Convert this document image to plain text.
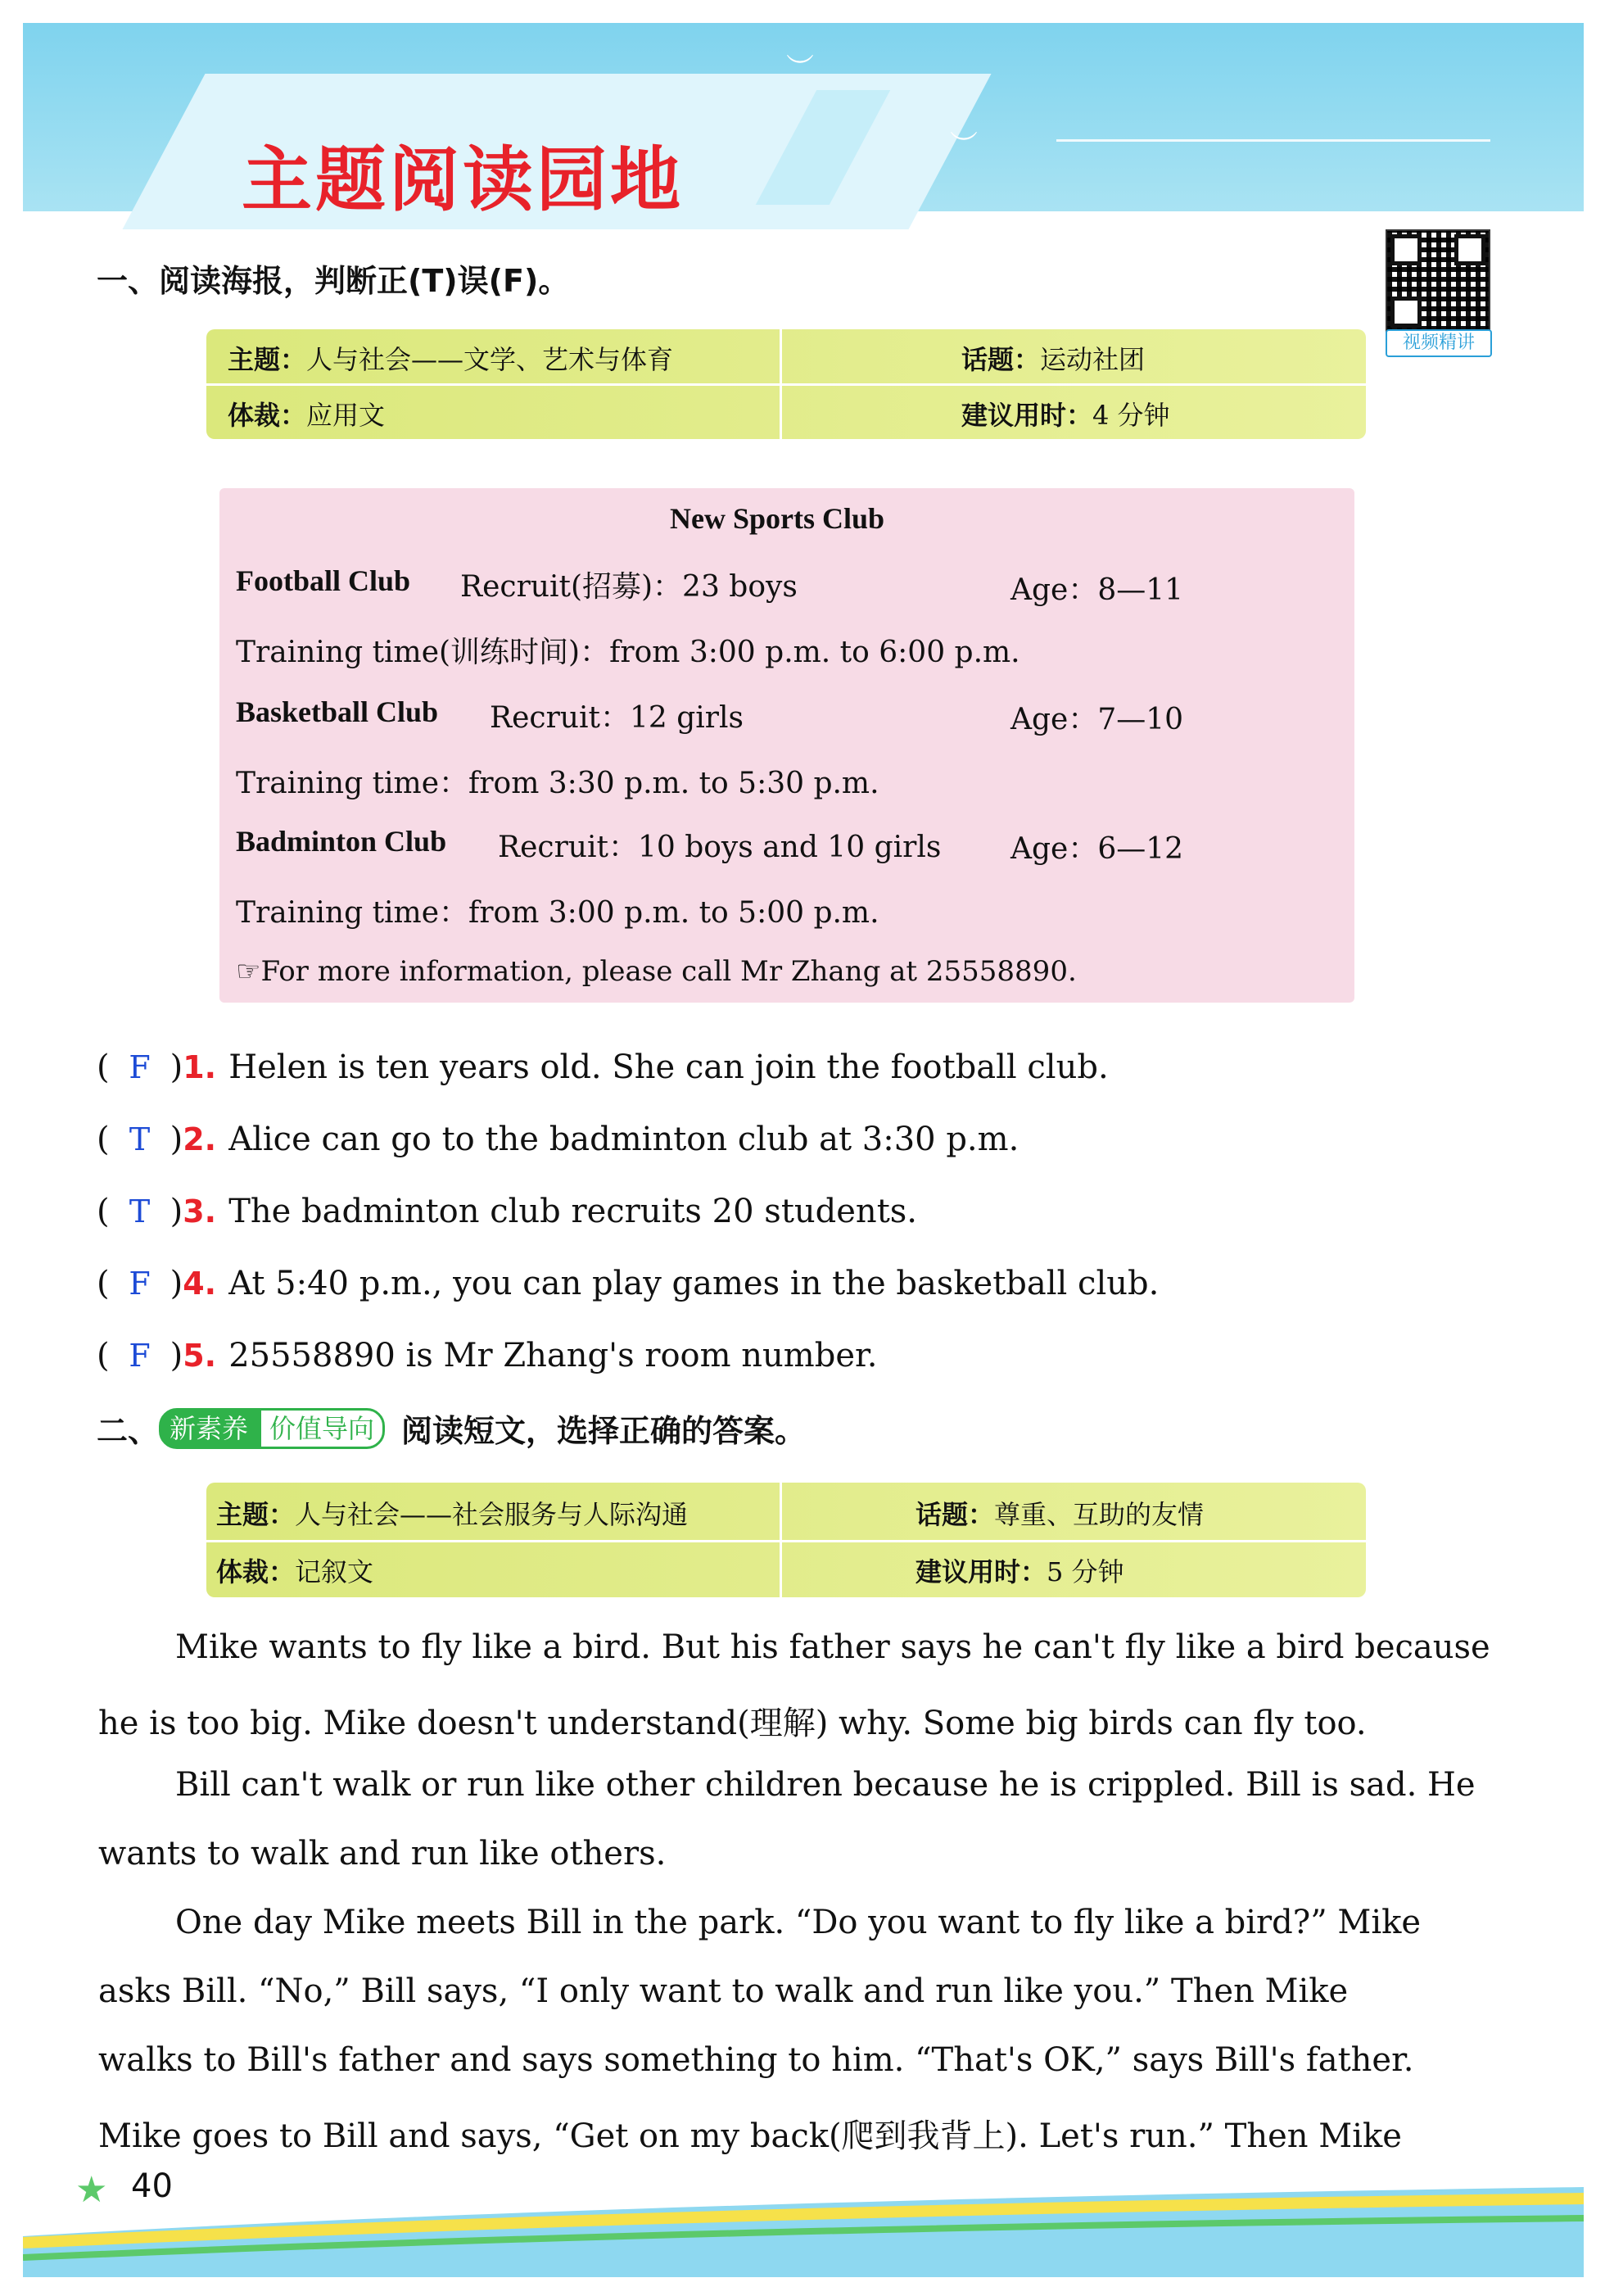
︶
︶
主题阅读园地
视频精讲
一、阅读海报，判断正(T)误(F)。
主题：人与社会——文学、艺术与体育	话题：运动社团
体裁：应用文	建议用时：4 分钟
New Sports Club
Football Club Recruit(招募)：23 boys	Age：8—11
Training time(训练时间)：from 3:00 p.m. to 6:00 p.m.
Basketball Club Recruit：12 girls	Age：7—10
Training time：from 3:30 p.m. to 5:30 p.m.
Badminton Club Recruit：10 boys and 10 girls Age：6—12
Training time：from 3:00 p.m. to 5:00 p.m.
☞For more information, please call Mr Zhang at 25558890.
( F )1. Helen is ten years old. She can join the football club.
( T )2. Alice can go to the badminton club at 3:30 p.m.
( T )3. The badminton club recruits 20 students.
( F )4. At 5:40 p.m., you can play games in the basketball club.
( F )5. 25558890 is Mr Zhang's room number.
二、 新素养 价值导向 阅读短文，选择正确的答案。
主题：人与社会——社会服务与人际沟通	话题：尊重、互助的友情
体裁：记叙文	建议用时：5 分钟
Mike wants to fly like a bird. But his father says he can't fly like a bird because
he is too big. Mike doesn't understand(理解) why. Some big birds can fly too.
Bill can't walk or run like other children because he is crippled. Bill is sad. He
wants to walk and run like others.
One day Mike meets Bill in the park. “Do you want to fly like a bird?” Mike
asks Bill. “No,” Bill says, “I only want to walk and run like you.” Then Mike
walks to Bill's father and says something to him. “That's OK,” says Bill's father.
Mike goes to Bill and says, “Get on my back(爬到我背上). Let's run.” Then Mike
★ 40
